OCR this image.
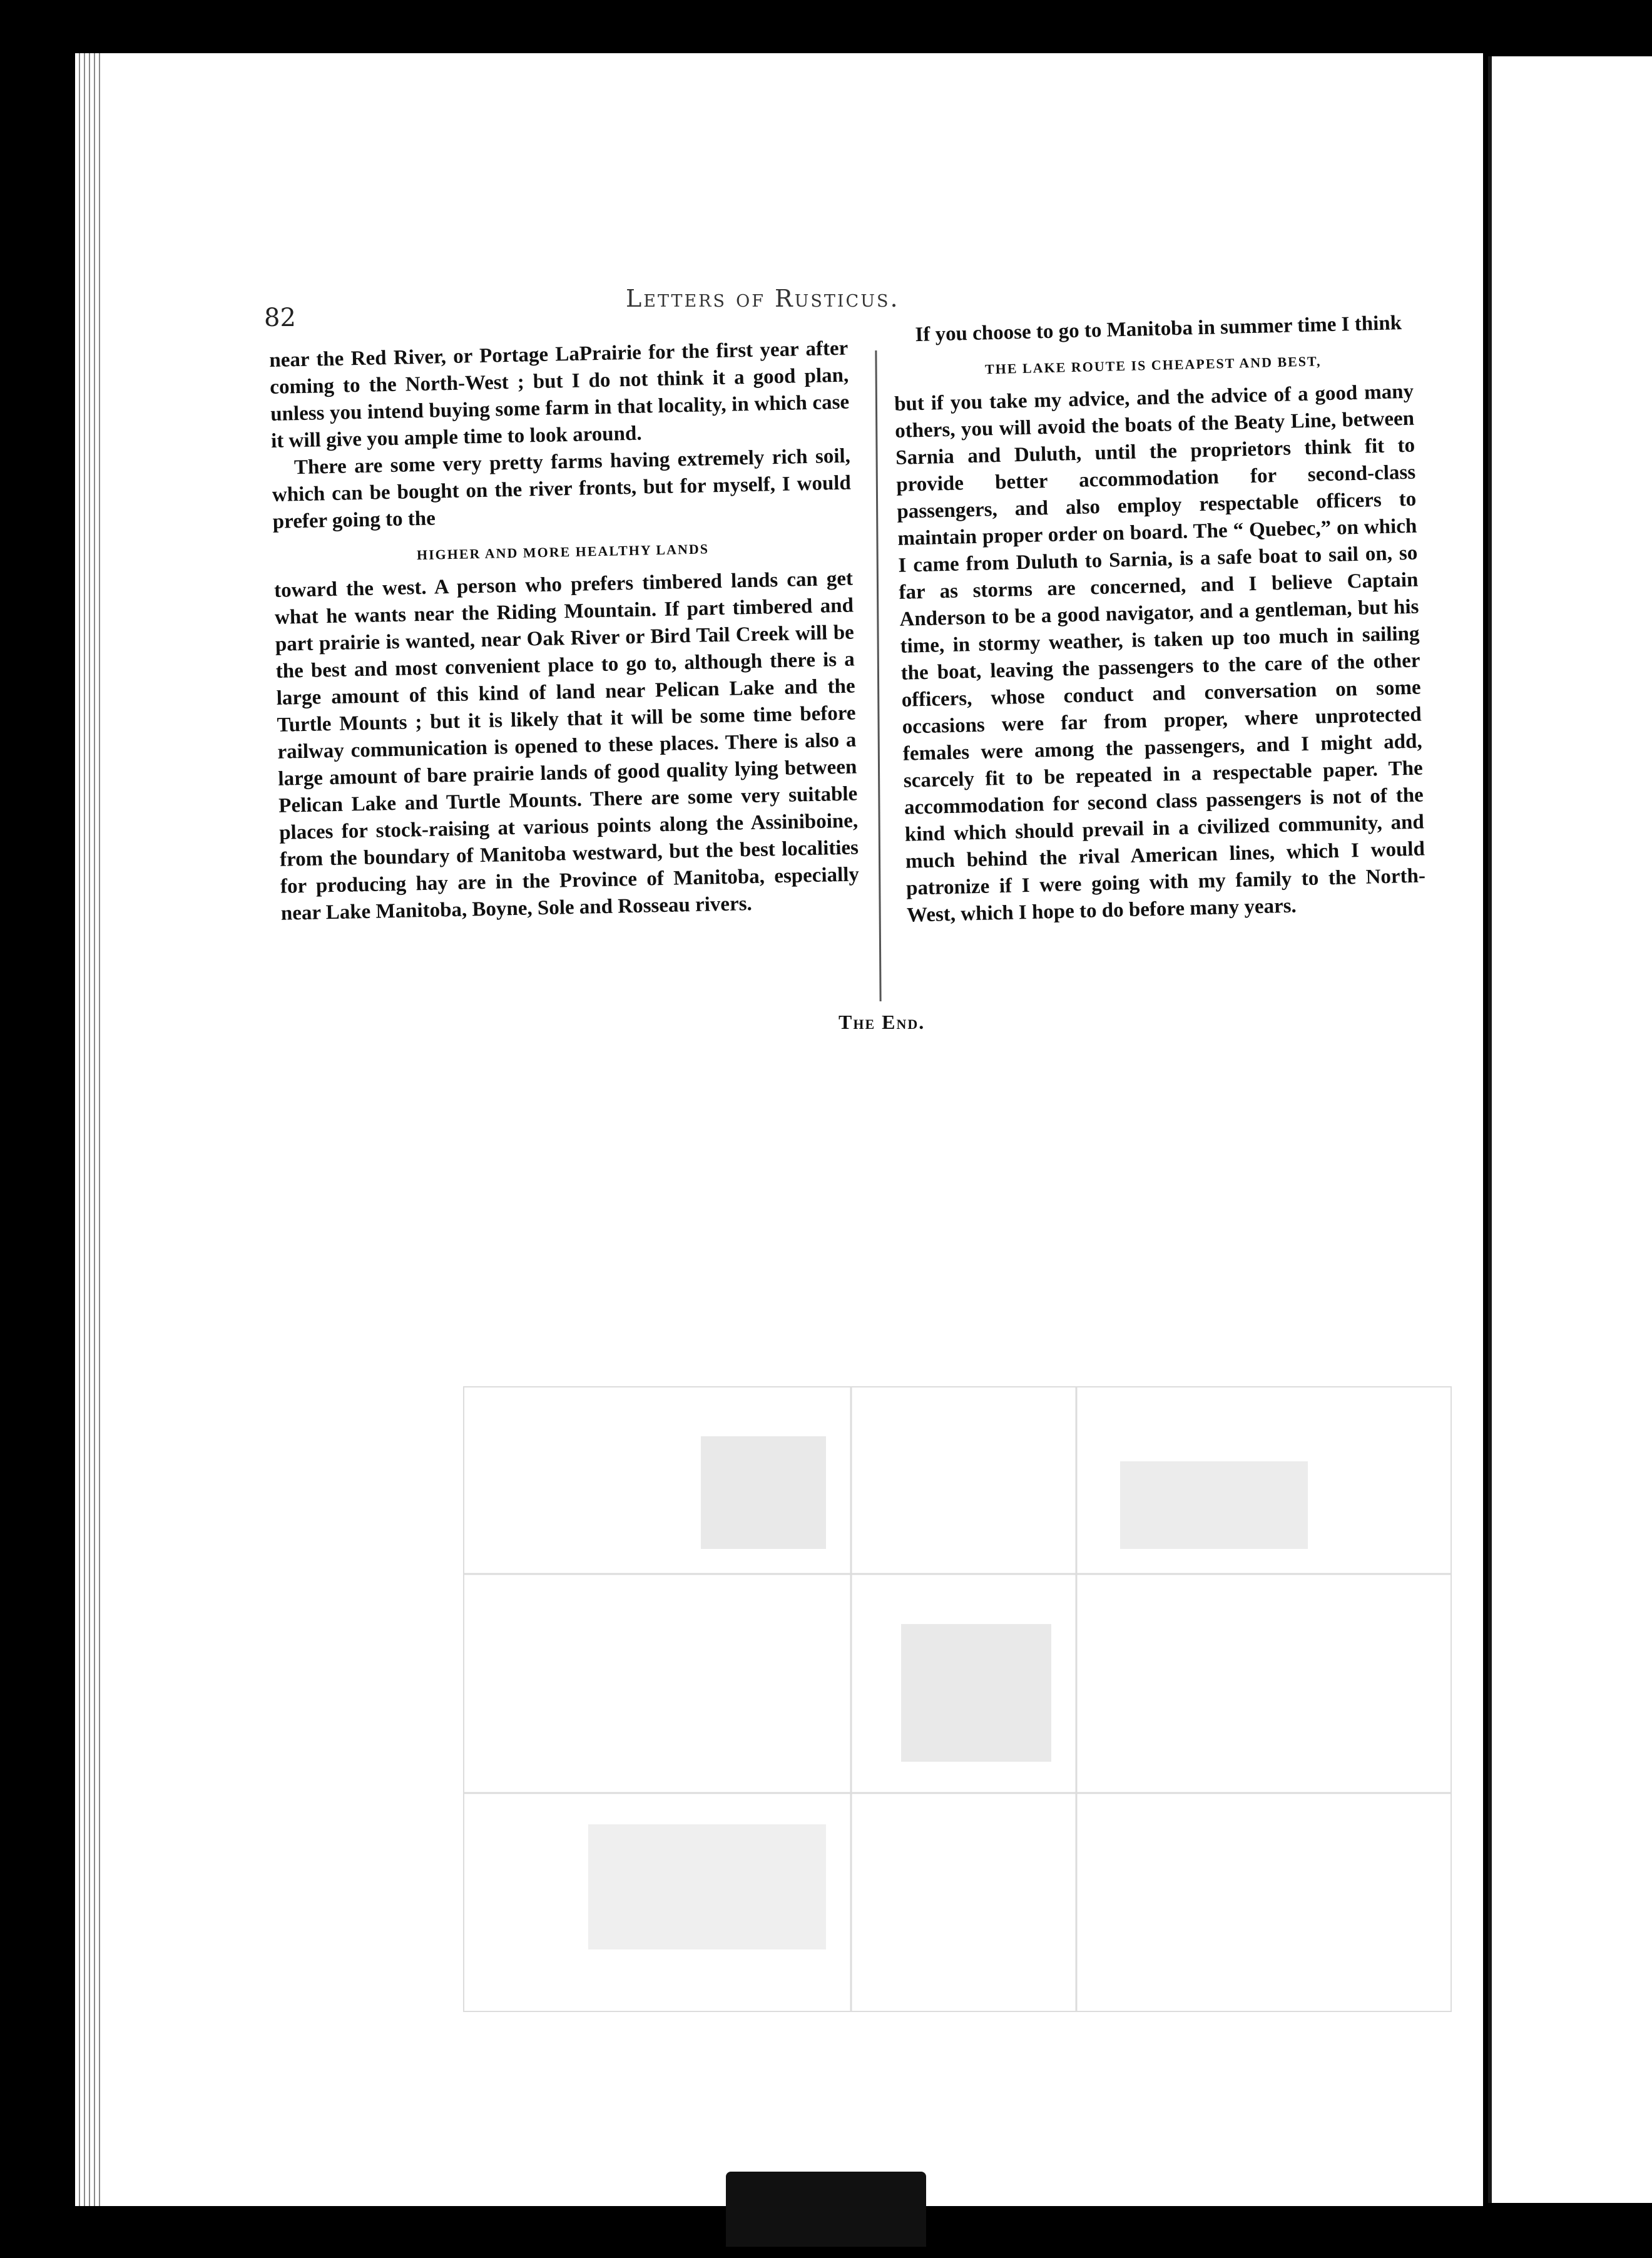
82
Letters of Rusticus.

near the Red River, or Portage LaPrairie for the first year after coming to the North-West ; but I do not think it a good plan, unless you intend buying some farm in that locality, in which case it will give you ample time to look around.

There are some very pretty farms having extremely rich soil, which can be bought on the river fronts, but for myself, I would prefer going to the

HIGHER AND MORE HEALTHY LANDS

toward the west. A person who prefers timbered lands can get what he wants near the Riding Mountain. If part timbered and part prairie is wanted, near Oak River or Bird Tail Creek will be the best and most convenient place to go to, although there is a large amount of this kind of land near Pelican Lake and the Turtle Mounts ; but it is likely that it will be some time before railway communication is opened to these places. There is also a large amount of bare prairie lands of good quality lying between Pelican Lake and Turtle Mounts. There are some very suitable places for stock-raising at various points along the Assiniboine, from the boundary of Manitoba westward, but the best localities for producing hay are in the Province of Manitoba, especially near Lake Manitoba, Boyne, Sole and Rosseau rivers.

If you choose to go to Manitoba in summer time I think

THE LAKE ROUTE IS CHEAPEST AND BEST,

but if you take my advice, and the advice of a good many others, you will avoid the boats of the Beaty Line, between Sarnia and Duluth, until the proprietors think fit to provide better accommodation for second-class passengers, and also employ respectable officers to maintain proper order on board. The “ Quebec,” on which I came from Duluth to Sarnia, is a safe boat to sail on, so far as storms are concerned, and I believe Captain Anderson to be a good navigator, and a gentleman, but his time, in stormy weather, is taken up too much in sailing the boat, leaving the passengers to the care of the other officers, whose conduct and conversation on some occasions were far from proper, where unprotected females were among the passengers, and I might add, scarcely fit to be repeated in a respectable paper. The accommodation for second class passengers is not of the kind which should prevail in a civilized community, and much behind the rival American lines, which I would patronize if I were going with my family to the North-West, which I hope to do before many years.

The End.
